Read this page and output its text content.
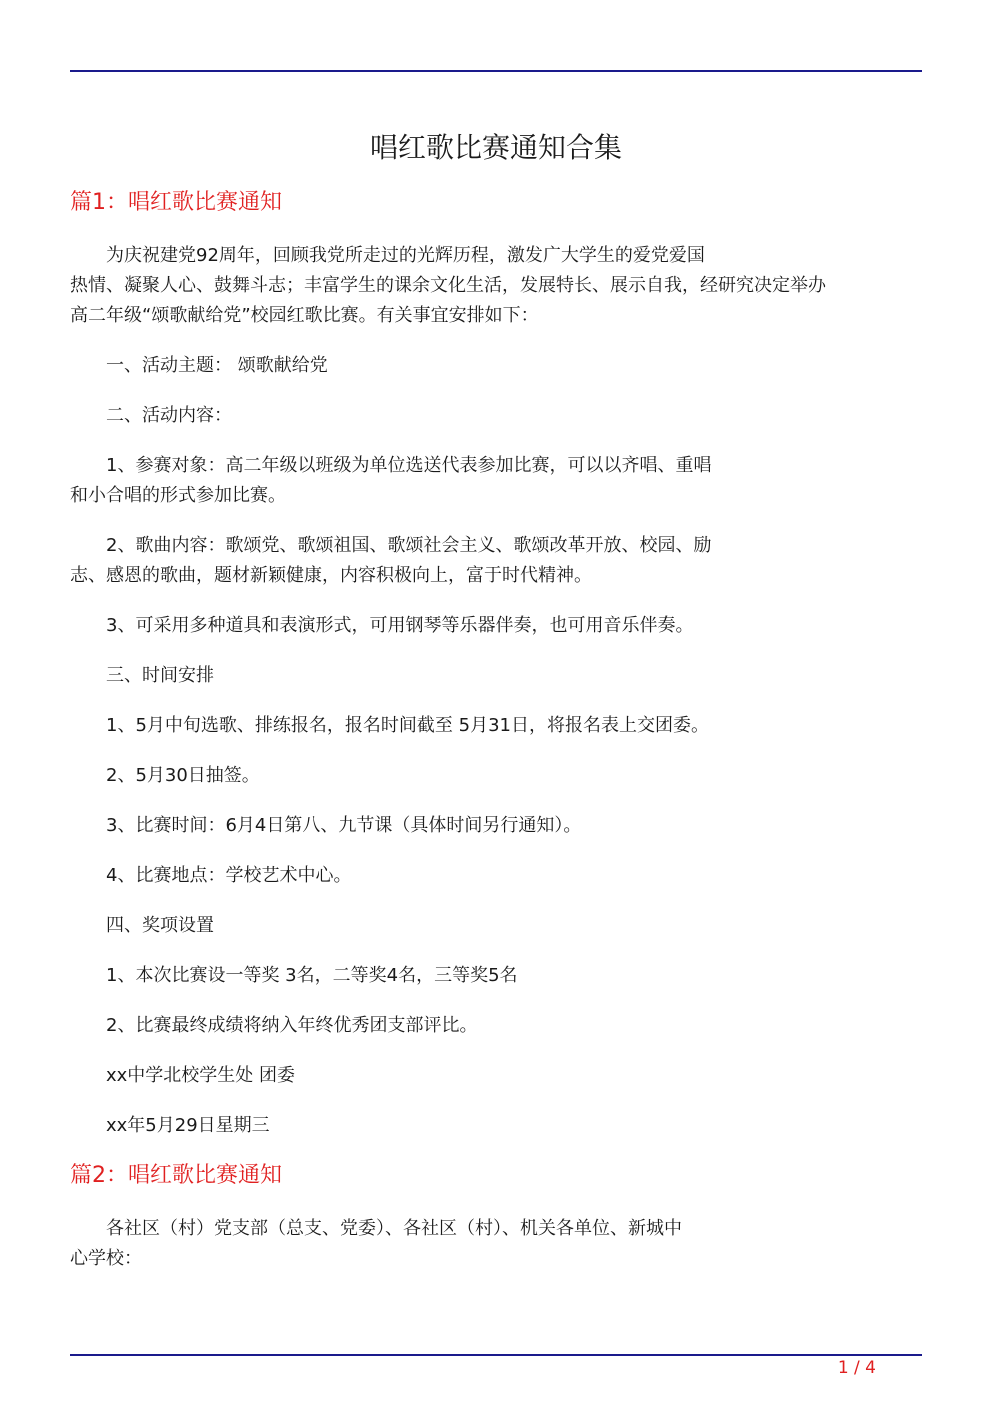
唱红歌比赛通知合集
篇1：唱红歌比赛通知
　　为庆祝建党92周年，回顾我党所走过的光辉历程，激发广大学生的爱党爱国
热情、凝聚人心、鼓舞斗志；丰富学生的课余文化生活，发展特长、展示自我，经研究决定举办
高二年级“颂歌献给党”校园红歌比赛。有关事宜安排如下：
　　一、活动主题： 颂歌献给党
　　二、活动内容：
　　1、参赛对象：高二年级以班级为单位选送代表参加比赛，可以以齐唱、重唱
和小合唱的形式参加比赛。
　　2、歌曲内容：歌颂党、歌颂祖国、歌颂社会主义、歌颂改革开放、校园、励
志、感恩的歌曲，题材新颖健康，内容积极向上，富于时代精神。
　　3、可采用多种道具和表演形式，可用钢琴等乐器伴奏，也可用音乐伴奏。
　　三、时间安排
　　1、5月中旬选歌、排练报名，报名时间截至 5月31日，将报名表上交团委。
　　2、5月30日抽签。
　　3、比赛时间：6月4日第八、九节课（具体时间另行通知）。
　　4、比赛地点：学校艺术中心。
　　四、奖项设置
　　1、本次比赛设一等奖 3名，二等奖4名，三等奖5名
　　2、比赛最终成绩将纳入年终优秀团支部评比。
　　xx中学北校学生处 团委
　　xx年5月29日星期三
篇2：唱红歌比赛通知
　　各社区（村）党支部（总支、党委）、各社区（村）、机关各单位、新城中
心学校：
1 / 4
